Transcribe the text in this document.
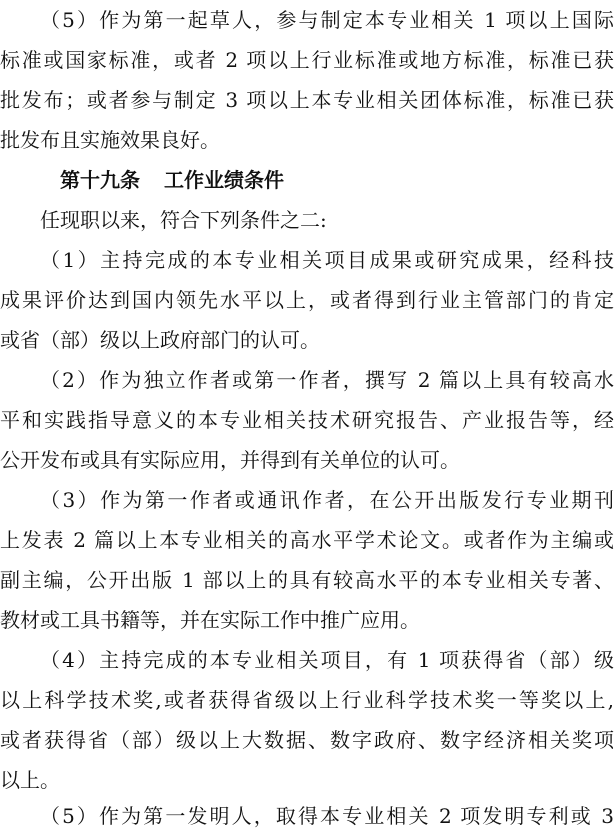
（5）作为第一起草人，参与制定本专业相关 1 项以上国际
标准或国家标准，或者 2 项以上行业标准或地方标准，标准已获
批发布；或者参与制定 3 项以上本专业相关团体标准，标准已获
批发布且实施效果良好。
第十九条 工作业绩条件
任现职以来，符合下列条件之二:
（1）主持完成的本专业相关项目成果或研究成果，经科技
成果评价达到国内领先水平以上，或者得到行业主管部门的肯定
或省（部）级以上政府部门的认可。
（2）作为独立作者或第一作者，撰写 2 篇以上具有较高水
平和实践指导意义的本专业相关技术研究报告、产业报告等，经
公开发布或具有实际应用，并得到有关单位的认可。
（3）作为第一作者或通讯作者，在公开出版发行专业期刊
上发表 2 篇以上本专业相关的高水平学术论文。或者作为主编或
副主编，公开出版 1 部以上的具有较高水平的本专业相关专著、
教材或工具书籍等，并在实际工作中推广应用。
（4）主持完成的本专业相关项目，有 1 项获得省（部）级
以上科学技术奖,或者获得省级以上行业科学技术奖一等奖以上,
或者获得省（部）级以上大数据、数字政府、数字经济相关奖项
以上。
（5）作为第一发明人，取得本专业相关 2 项发明专利或 3
